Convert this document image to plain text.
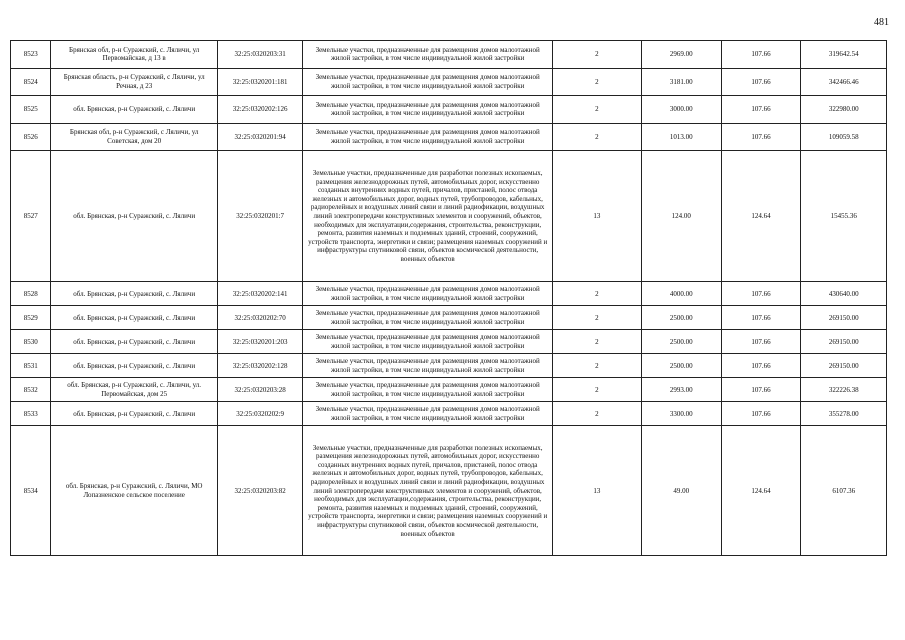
481
8523	Брянская обл, р-н Суражский, с. Ляличи, ул Первомайская, д 13 в	32:25:0320203:31	Земельные участки, предназначенные для размещения домов малоэтажной жилой застройки, в том числе индивидуальной жилой застройки	2	2969.00	107.66	319642.54
8524	Брянская область, р-н Суражский, с Ляличи, ул Речная, д 23	32:25:0320201:181	Земельные участки, предназначенные для размещения домов малоэтажной жилой застройки, в том числе индивидуальной жилой застройки	2	3181.00	107.66	342466.46
8525	обл. Брянская, р-н Суражский, с. Ляличи	32:25:0320202:126	Земельные участки, предназначенные для размещения домов малоэтажной жилой застройки, в том числе индивидуальной жилой застройки	2	3000.00	107.66	322980.00
8526	Брянская обл, р-н Суражский, с Ляличи, ул Советская, дом 20	32:25:0320201:94	Земельные участки, предназначенные для размещения домов малоэтажной жилой застройки, в том числе индивидуальной жилой застройки	2	1013.00	107.66	109059.58
8527	обл. Брянская, р-н Суражский, с. Ляличи	32:25:0320201:7	Земельные участки, предназначенные для разработки полезных ископаемых, размещения железнодорожных путей, автомобильных дорог, искусственно созданных внутренних водных путей, причалов, пристаней, полос отвода железных и автомобильных дорог, водных путей, трубопроводов, кабельных, радиорелейных и воздушных линий связи и линий радиофикации, воздушных линий электропередачи конструктивных элементов и сооружений, объектов, необходимых для эксплуатации,содержания, строительства, реконструкции, ремонта, развития наземных и подземных зданий, строений, сооружений, устройств транспорта, энергетики и связи; размещения наземных сооружений и инфраструктуры спутниковой связи, объектов космической деятельности, военных объектов	13	124.00	124.64	15455.36
8528	обл. Брянская, р-н Суражский, с. Ляличи	32:25:0320202:141	Земельные участки, предназначенные для размещения домов малоэтажной жилой застройки, в том числе индивидуальной жилой застройки	2	4000.00	107.66	430640.00
8529	обл. Брянская, р-н Суражский, с. Ляличи	32:25:0320202:70	Земельные участки, предназначенные для размещения домов малоэтажной жилой застройки, в том числе индивидуальной жилой застройки	2	2500.00	107.66	269150.00
8530	обл. Брянская, р-н Суражский, с. Ляличи	32:25:0320201:203	Земельные участки, предназначенные для размещения домов малоэтажной жилой застройки, в том числе индивидуальной жилой застройки	2	2500.00	107.66	269150.00
8531	обл. Брянская, р-н Суражский, с. Ляличи	32:25:0320202:128	Земельные участки, предназначенные для размещения домов малоэтажной жилой застройки, в том числе индивидуальной жилой застройки	2	2500.00	107.66	269150.00
8532	обл. Брянская, р-н Суражский, с. Ляличи, ул. Первомайская, дом 25	32:25:0320203:28	Земельные участки, предназначенные для размещения домов малоэтажной жилой застройки, в том числе индивидуальной жилой застройки	2	2993.00	107.66	322226.38
8533	обл. Брянская, р-н Суражский, с. Ляличи	32:25:0320202:9	Земельные участки, предназначенные для размещения домов малоэтажной жилой застройки, в том числе индивидуальной жилой застройки	2	3300.00	107.66	355278.00
8534	обл. Брянская, р-н Суражский, с. Ляличи, МО Лопазненское сельское поселение	32:25:0320203:82	Земельные участки, предназначенные для разработки полезных ископаемых, размещения железнодорожных путей, автомобильных дорог, искусственно созданных внутренних водных путей, причалов, пристаней, полос отвода железных и автомобильных дорог, водных путей, трубопроводов, кабельных, радиорелейных и воздушных линий связи и линий радиофикации, воздушных линий электропередачи конструктивных элементов и сооружений, объектов, необходимых для эксплуатации,содержания, строительства, реконструкции, ремонта, развития наземных и подземных зданий, строений, сооружений, устройств транспорта, энергетики и связи; размещения наземных сооружений и инфраструктуры спутниковой связи, объектов космической деятельности, военных объектов	13	49.00	124.64	6107.36
